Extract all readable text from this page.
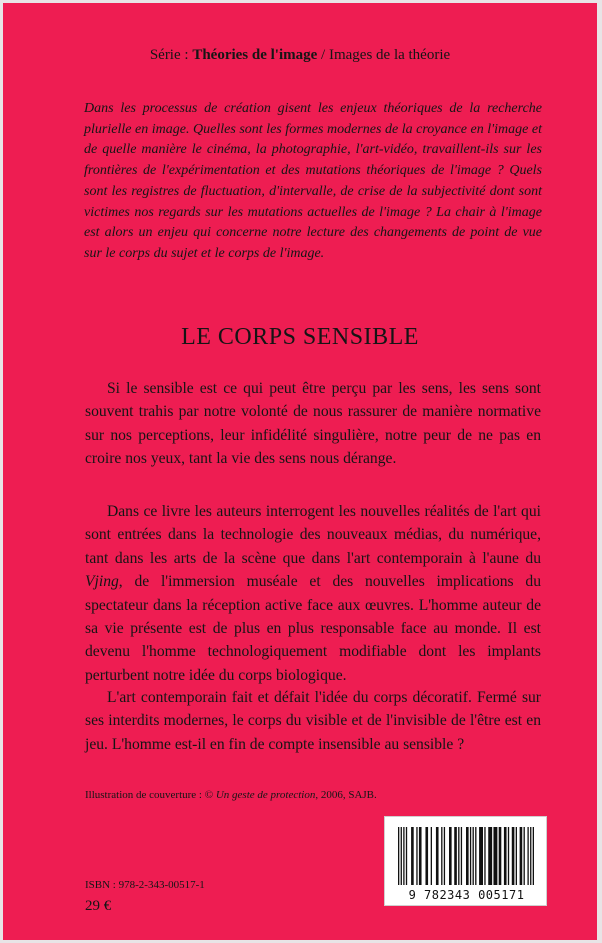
Série : Théories de l'image / Images de la théorie

Dans les processus de création gisent les enjeux théoriques de la recherche plurielle en image. Quelles sont les formes modernes de la croyance en l'image et de quelle manière le cinéma, la photographie, l'art-vidéo, travaillent-ils sur les frontières de l'expérimentation et des mutations théoriques de l'image ? Quels sont les registres de fluctuation, d'intervalle, de crise de la subjectivité dont sont victimes nos regards sur les mutations actuelles de l'image ? La chair à l'image est alors un enjeu qui concerne notre lecture des changements de point de vue sur le corps du sujet et le corps de l'image.

LE CORPS SENSIBLE

Si le sensible est ce qui peut être perçu par les sens, les sens sont souvent trahis par notre volonté de nous rassurer de manière normative sur nos perceptions, leur infidélité singulière, notre peur de ne pas en croire nos yeux, tant la vie des sens nous dérange.

Dans ce livre les auteurs interrogent les nouvelles réalités de l'art qui sont entrées dans la technologie des nouveaux médias, du numérique, tant dans les arts de la scène que dans l'art contemporain à l'aune du Vjing, de l'immersion muséale et des nouvelles implications du spectateur dans la réception active face aux œuvres. L'homme auteur de sa vie présente est de plus en plus responsable face au monde. Il est devenu l'homme technologiquement modifiable dont les implants perturbent notre idée du corps biologique.

L'art contemporain fait et défait l'idée du corps décoratif. Fermé sur ses interdits modernes, le corps du visible et de l'invisible de l'être est en jeu. L'homme est-il en fin de compte insensible au sensible ?

Illustration de couverture : © Un geste de protection, 2006, SAJB.
9 782343 005171
ISBN : 978-2-343-00517-1
29 €
